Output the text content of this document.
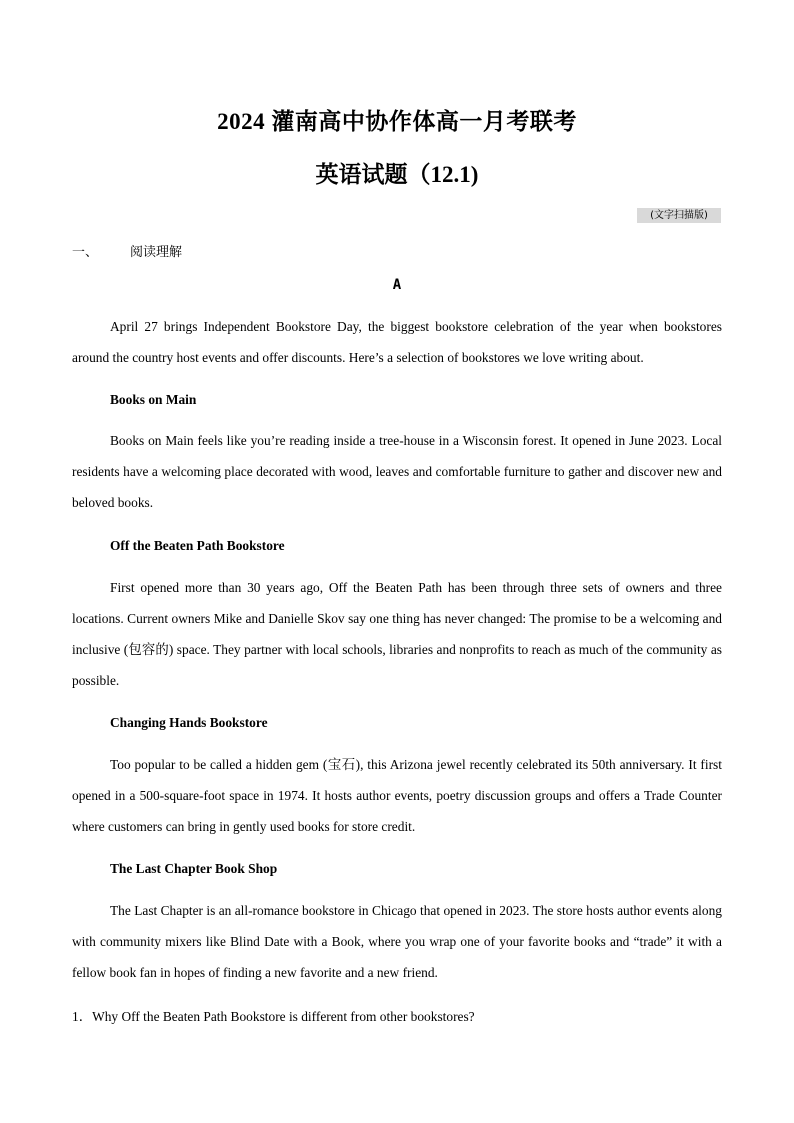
2024 灌南高中协作体高一月考联考
英语试题（12.1)
(文字扫描版)
一、 阅读理解
A

April 27 brings Independent Bookstore Day, the biggest bookstore celebration of the year when bookstores around the country host events and offer discounts. Here’s a selection of bookstores we love writing about.

Books on Main

Books on Main feels like you’re reading inside a tree-house in a Wisconsin forest. It opened in June 2023. Local residents have a welcoming place decorated with wood, leaves and comfortable furniture to gather and discover new and beloved books.

Off the Beaten Path Bookstore

First opened more than 30 years ago, Off the Beaten Path has been through three sets of owners and three locations. Current owners Mike and Danielle Skov say one thing has never changed: The promise to be a welcoming and inclusive (包容的) space. They partner with local schools, libraries and nonprofits to reach as much of the community as possible.

Changing Hands Bookstore

Too popular to be called a hidden gem (宝石), this Arizona jewel recently celebrated its 50th anniversary. It first opened in a 500-square-foot space in 1974. It hosts author events, poetry discussion groups and offers a Trade Counter where customers can bring in gently used books for store credit.

The Last Chapter Book Shop

The Last Chapter is an all-romance bookstore in Chicago that opened in 2023. The store hosts author events along with community mixers like Blind Date with a Book, where you wrap one of your favorite books and “trade” it with a fellow book fan in hopes of finding a new favorite and a new friend.

1．Why Off the Beaten Path Bookstore is different from other bookstores?
